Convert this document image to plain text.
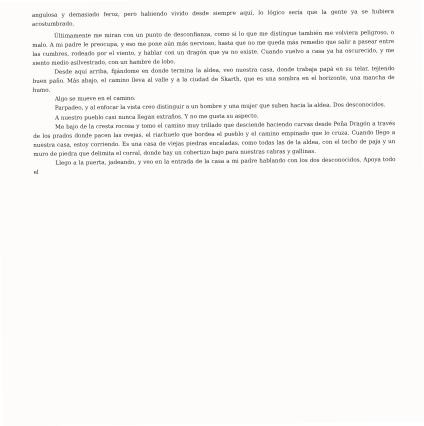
angulosa y demasiado feroz, pero habiendo vivido desde siempre aquí, lo lógico sería que la gente ya se hubiera acostumbrado.

Últimamente me miran con un punto de desconfianza, como si lo que me distingue también me volviera peligroso, o malo. A mi padre le preocupa, y eso me pone aún más nervioso, hasta que no me queda más remedio que salir a pasear entre las cumbres, rodeado por el viento, y hablar con un dragón que ya no existe. Cuando vuelvo a casa ya ha oscurecido, y me siento medio asilvestrado, con un hambre de lobo.

Desde aquí arriba, fijándome en donde termina la aldea, veo nuestra casa, donde trabaja papá en su telar, tejiendo buen paño. Más abajo, el camino lleva al valle y a la ciudad de Skarth, que es una sombra en el horizonte, una mancha de humo.

Algo se mueve en el camino.

Parpadeo, y al enfocar la vista creo distinguir a un hombre y una mujer que suben hacia la aldea. Dos desconocidos.

A nuestro pueblo casi nunca llegan extraños. Y no me gusta su aspecto.

Me bajo de la cresta rocosa y tomo el camino muy trillado que desciende haciendo curvas desde Peña Dragón a través de los prados donde pacen las ovejas, el riachuelo que bordea el pueblo y el camino empinado que lo cruza. Cuando llego a nuestra casa, estoy corriendo. Es una casa de viejas piedras encaladas, como todas las de la aldea, con el techo de paja y un muro de piedra que delimita el corral, donde hay un cobertizo bajo para nuestras cabras y gallinas.

Llego a la puerta, jadeando, y veo en la entrada de la casa a mi padre hablando con los dos desconocidos. Apoya todo el
